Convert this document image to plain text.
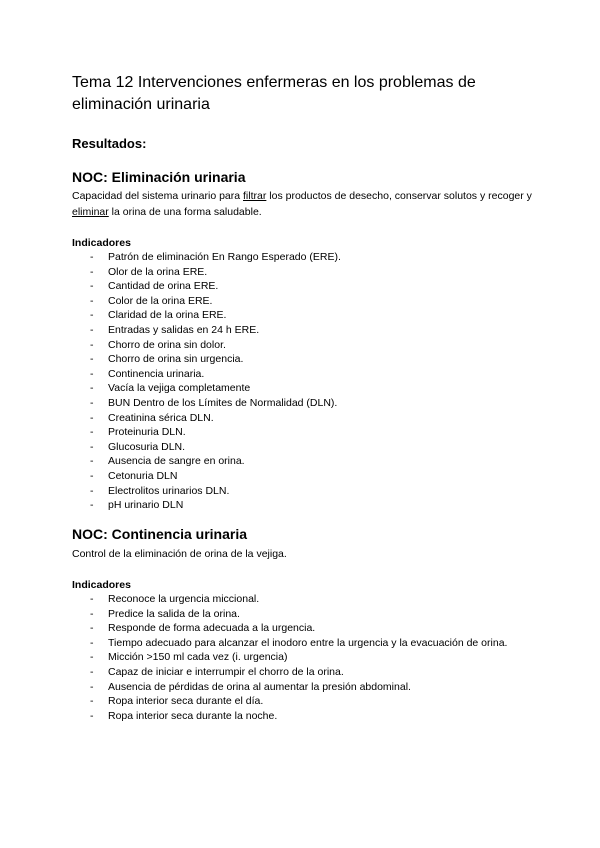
Tema 12 Intervenciones enfermeras en los problemas de eliminación urinaria
Resultados:
NOC: Eliminación urinaria

Capacidad del sistema urinario para filtrar los productos de desecho, conservar solutos y recoger y eliminar la orina de una forma saludable.

Indicadores

- Patrón de eliminación En Rango Esperado (ERE).
- Olor de la orina ERE.
- Cantidad de orina ERE.
- Color de la orina ERE.
- Claridad de la orina ERE.
- Entradas y salidas en 24 h ERE.
- Chorro de orina sin dolor.
- Chorro de orina sin urgencia.
- Continencia urinaria.
- Vacía la vejiga completamente
- BUN Dentro de los Límites de Normalidad (DLN).
- Creatinina sérica DLN.
- Proteinuria DLN.
- Glucosuria DLN.
- Ausencia de sangre en orina.
- Cetonuria DLN
- Electrolitos urinarios DLN.
- pH urinario DLN
NOC: Continencia urinaria

Control de la eliminación de orina de la vejiga.

Indicadores

- Reconoce la urgencia miccional.
- Predice la salida de la orina.
- Responde de forma adecuada a la urgencia.
- Tiempo adecuado para alcanzar el inodoro entre la urgencia y la evacuación de orina.
- Micción >150 ml cada vez (i. urgencia)
- Capaz de iniciar e interrumpir el chorro de la orina.
- Ausencia de pérdidas de orina al aumentar la presión abdominal.
- Ropa interior seca durante el día.
- Ropa interior seca durante la noche.
